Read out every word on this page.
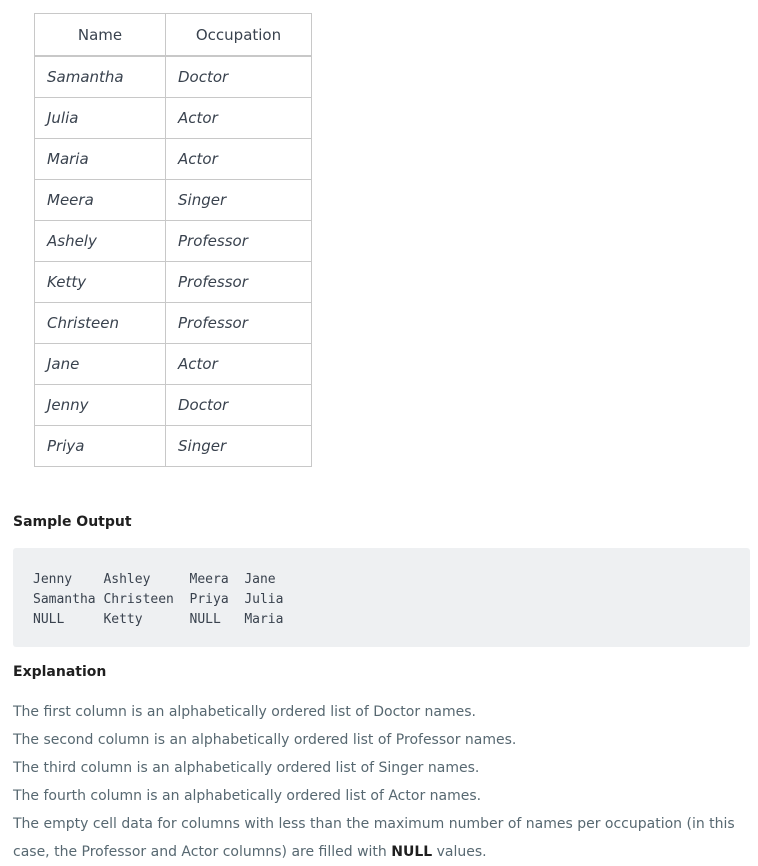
Name	Occupation
Samantha	Doctor
Julia	Actor
Maria	Actor
Meera	Singer
Ashely	Professor
Ketty	Professor
Christeen	Professor
Jane	Actor
Jenny	Doctor
Priya	Singer
Sample Output
Jenny    Ashley     Meera  Jane
Samantha Christeen  Priya  Julia
NULL     Ketty      NULL   Maria
Explanation

The first column is an alphabetically ordered list of Doctor names.

The second column is an alphabetically ordered list of Professor names.

The third column is an alphabetically ordered list of Singer names.

The fourth column is an alphabetically ordered list of Actor names.

The empty cell data for columns with less than the maximum number of names per occupation (in this case, the Professor and Actor columns) are filled with NULL values.
